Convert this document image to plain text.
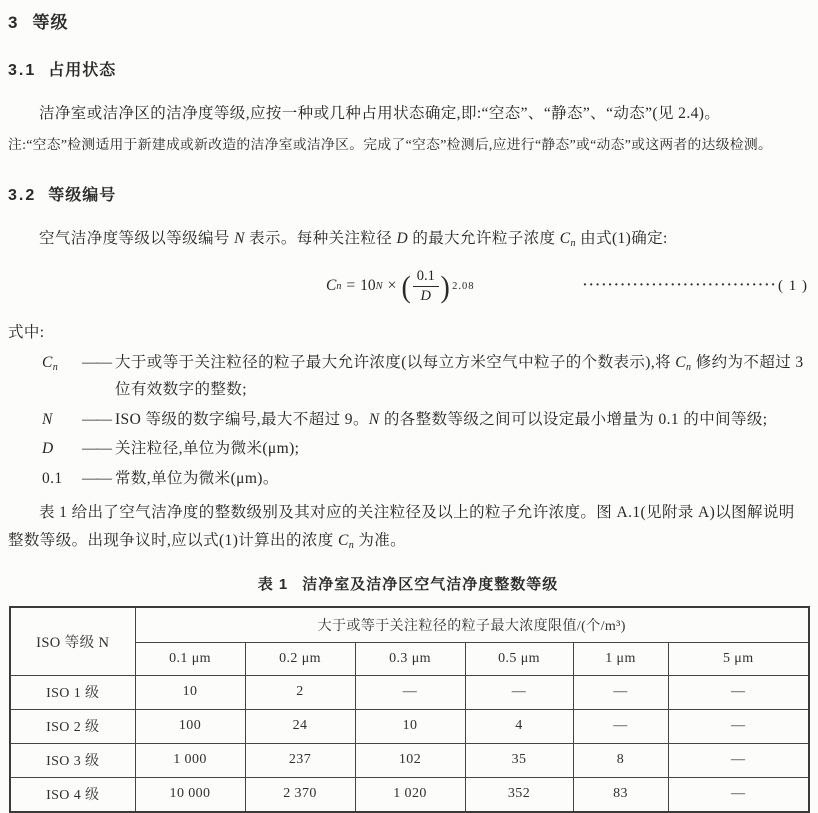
3 等级
3.1 占用状态

洁净室或洁净区的洁净度等级,应按一种或几种占用状态确定,即:“空态”、“静态”、“动态”(见 2.4)。

注:“空态”检测适用于新建成或新改造的洁净室或洁净区。完成了“空态”检测后,应进行“静态”或“动态”或这两者的达级检测。

3.2 等级编号

空气洁净度等级以等级编号 N 表示。每种关注粒径 D 的最大允许粒子浓度 $C_n$ 由式(1)确定:

C n = 10 N × ( $\frac{0.1}{D}$ ) 2.08	······························· ( 1 )

式中:

$C_n$	—— 大于或等于关注粒径的粒子最大允许浓度(以每立方米空气中粒子的个数表示),将 $C_n$ 修约为不超过 3 位有效数字的整数;
N	—— ISO 等级的数字编号,最大不超过 9。N 的各整数等级之间可以设定最小增量为 0.1 的中间等级;
D	—— 关注粒径,单位为微米(μm);
0.1	—— 常数,单位为微米(μm)。

表 1 给出了空气洁净度的整数级别及其对应的关注粒径及以上的粒子允许浓度。图 A.1(见附录 A)以图解说明整数等级。出现争议时,应以式(1)计算出的浓度 $C_n$ 为准。

表 1 洁净室及洁净区空气洁净度整数等级
ISO 等级 N	大于或等于关注粒径的粒子最大浓度限值/(个/m³)					
	0.1 μm	0.2 μm	0.3 μm	0.5 μm	1 μm	5 μm
ISO 1 级	10	2	—	—	—	—
ISO 2 级	100	24	10	4	—	—
ISO 3 级	1 000	237	102	35	8	—
ISO 4 级	10 000	2 370	1 020	352	83	—
